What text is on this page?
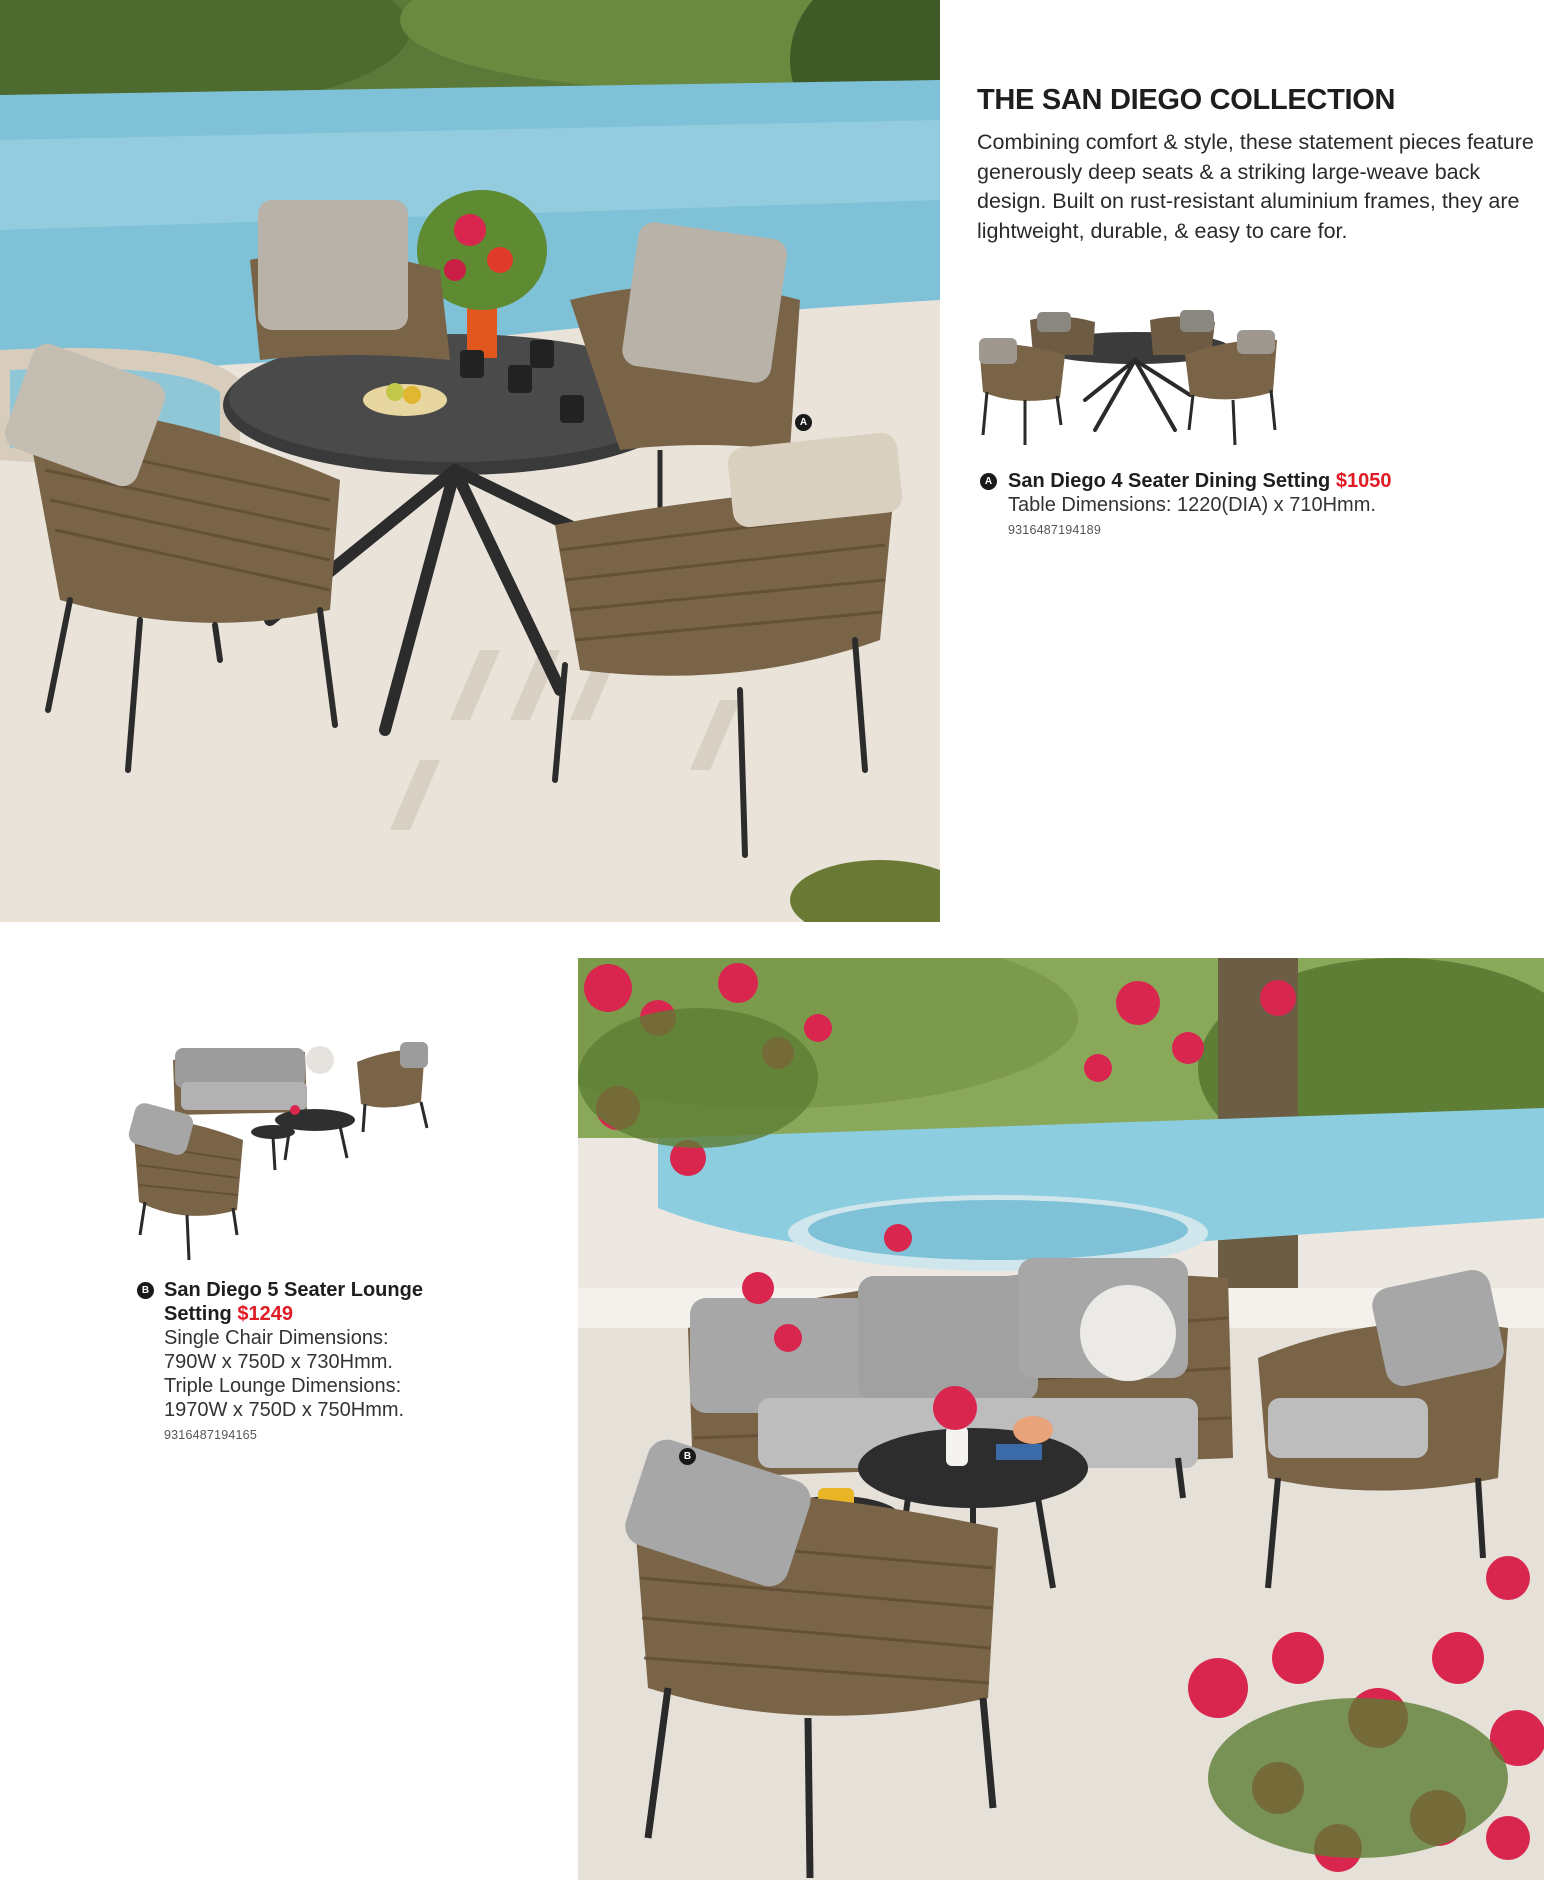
A
THE SAN DIEGO COLLECTION

Combining comfort & style, these statement pieces feature generously deep seats & a striking large-weave back design. Built on rust-resistant aluminium frames, they are lightweight, durable, & easy to care for.

A San Diego 4 Seater Dining Setting $1050
Table Dimensions: 1220(DIA) x 710Hmm.
9316487194189
B San Diego 5 Seater Lounge
Setting $1249
Single Chair Dimensions:
790W x 750D x 730Hmm.
Triple Lounge Dimensions:
1970W x 750D x 750Hmm.
9316487194165
B
